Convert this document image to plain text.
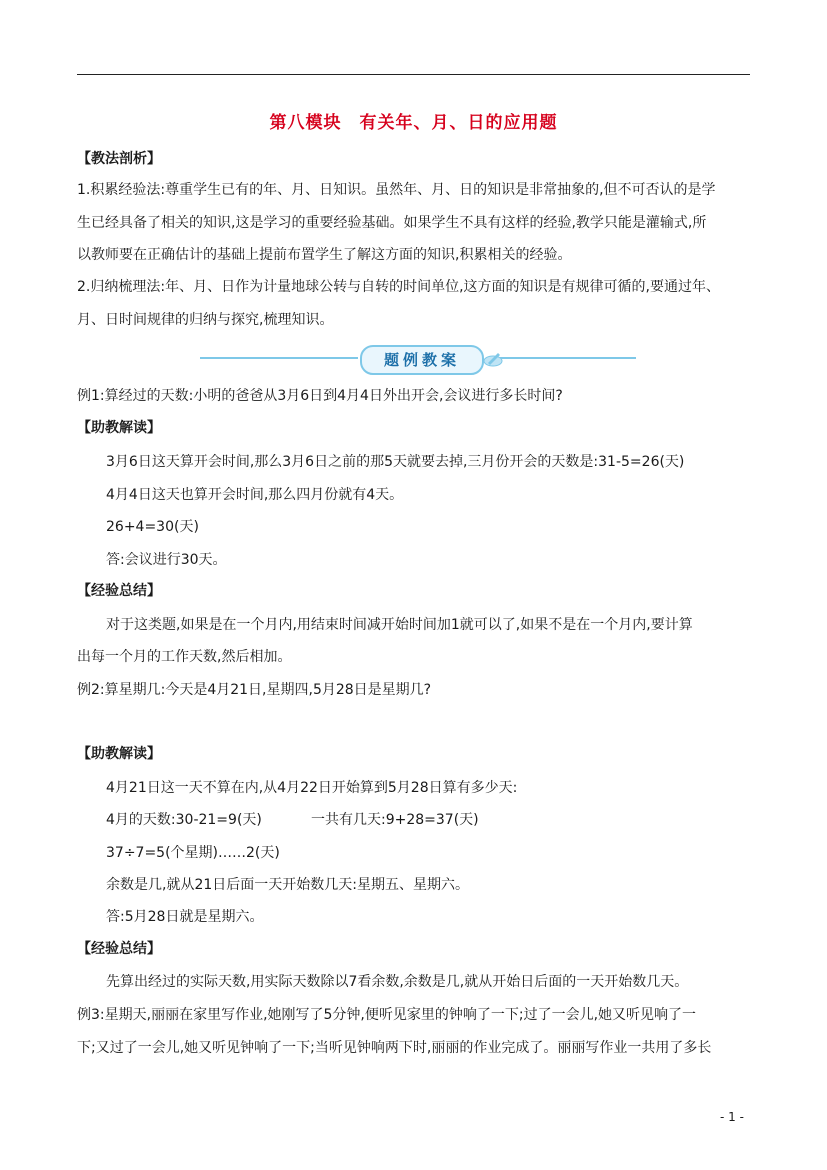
第八模块　有关年、月、日的应用题
【教法剖析】
1.积累经验法:尊重学生已有的年、月、日知识。虽然年、月、日的知识是非常抽象的,但不可否认的是学
生已经具备了相关的知识,这是学习的重要经验基础。如果学生不具有这样的经验,教学只能是灌输式,所
以教师要在正确估计的基础上提前布置学生了解这方面的知识,积累相关的经验。
2.归纳梳理法:年、月、日作为计量地球公转与自转的时间单位,这方面的知识是有规律可循的,要通过年、
月、日时间规律的归纳与探究,梳理知识。
题例教案
例1:算经过的天数:小明的爸爸从3月6日到4月4日外出开会,会议进行多长时间?
【助教解读】
3月6日这天算开会时间,那么3月6日之前的那5天就要去掉,三月份开会的天数是:31-5=26(天)
4月4日这天也算开会时间,那么四月份就有4天。
26+4=30(天)
答:会议进行30天。
【经验总结】
对于这类题,如果是在一个月内,用结束时间减开始时间加1就可以了,如果不是在一个月内,要计算
出每一个月的工作天数,然后相加。
例2:算星期几:今天是4月21日,星期四,5月28日是星期几?
【助教解读】
4月21日这一天不算在内,从4月22日开始算到5月28日算有多少天:
4月的天数:30-21=9(天)	一共有几天:9+28=37(天)
37÷7=5(个星期)……2(天)
余数是几,就从21日后面一天开始数几天:星期五、星期六。
答:5月28日就是星期六。
【经验总结】
先算出经过的实际天数,用实际天数除以7看余数,余数是几,就从开始日后面的一天开始数几天。
例3:星期天,丽丽在家里写作业,她刚写了5分钟,便听见家里的钟响了一下;过了一会儿,她又听见响了一
下;又过了一会儿,她又听见钟响了一下;当听见钟响两下时,丽丽的作业完成了。丽丽写作业一共用了多长
- 1 -
